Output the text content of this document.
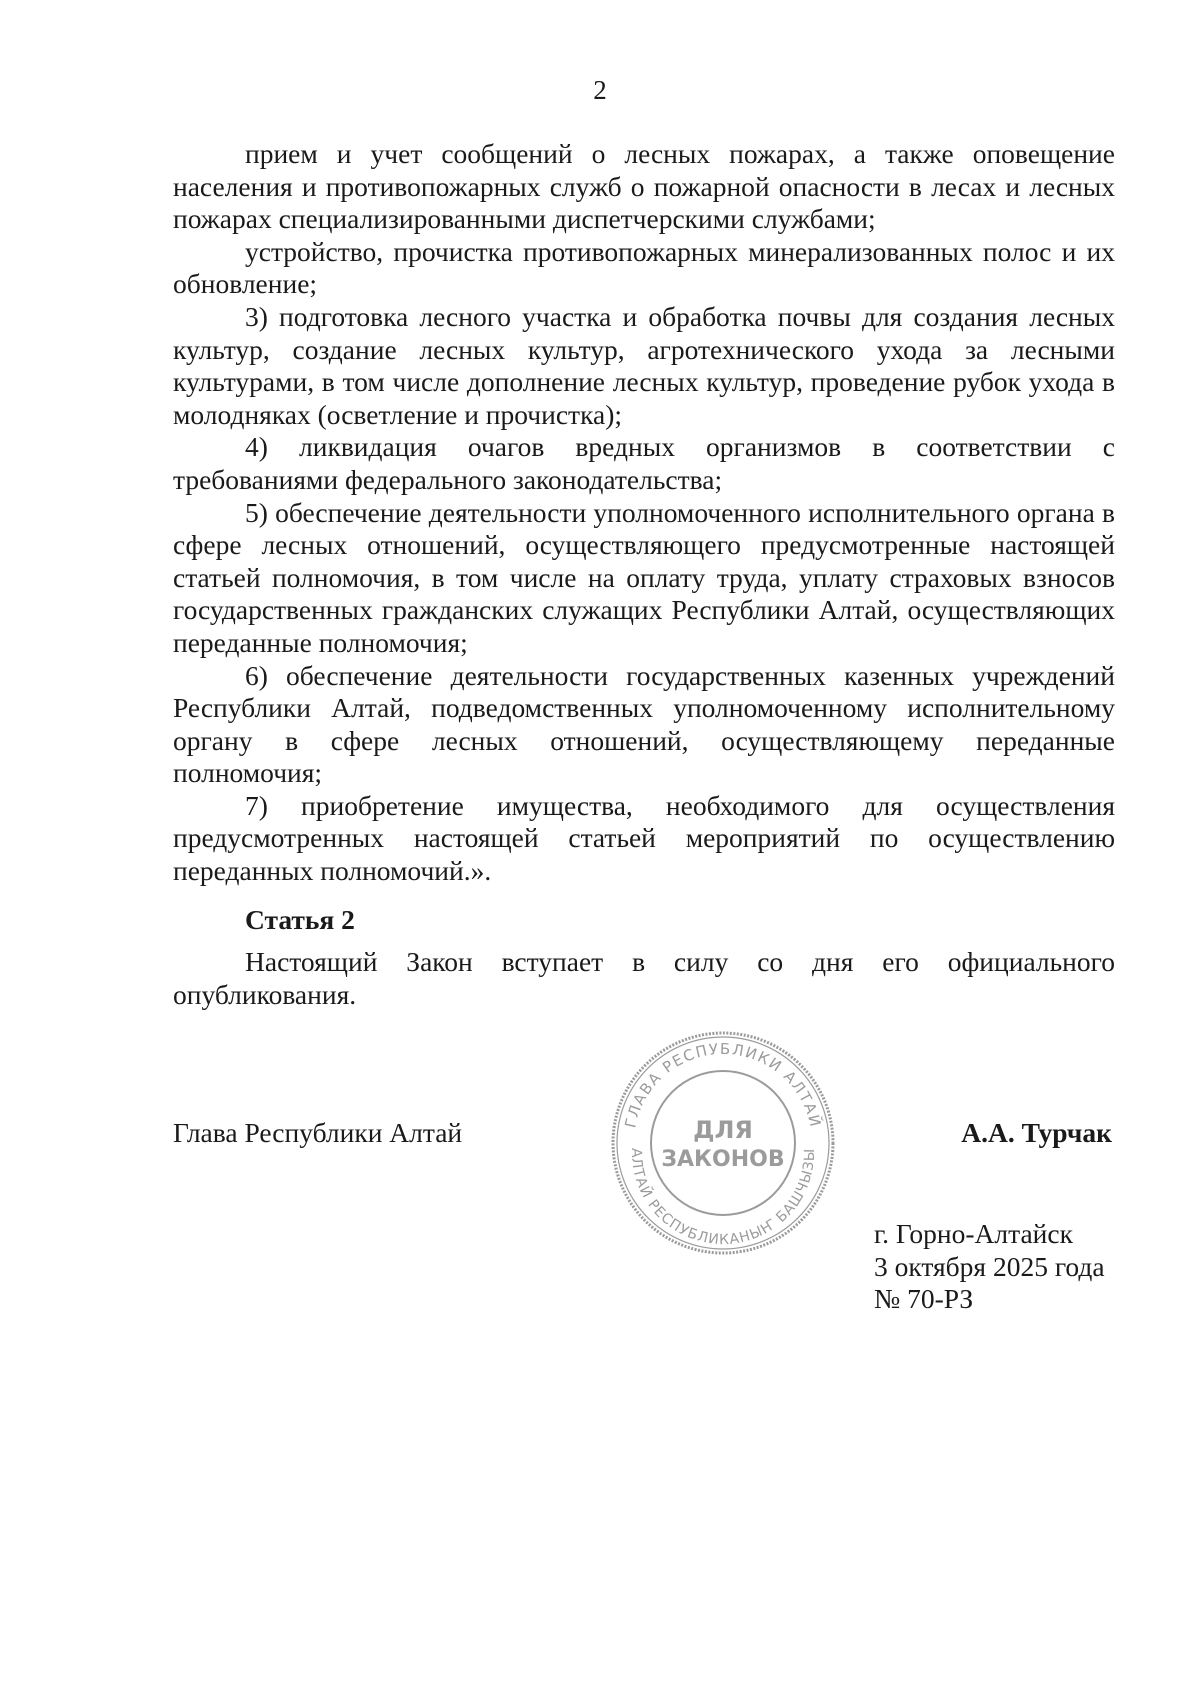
2

прием и учет сообщений о лесных пожарах, а также оповещение населения и противопожарных служб о пожарной опасности в лесах и лесных пожарах специализированными диспетчерскими службами;

устройство, прочистка противопожарных минерализованных полос и их обновление;

3) подготовка лесного участка и обработка почвы для создания лесных культур, создание лесных культур, агротехнического ухода за лесными культурами, в том числе дополнение лесных культур, проведение рубок ухода в молодняках (осветление и прочистка);

4) ликвидация очагов вредных организмов в соответствии с требованиями федерального законодательства;

5) обеспечение деятельности уполномоченного исполнительного органа в сфере лесных отношений, осуществляющего предусмотренные настоящей статьей полномочия, в том числе на оплату труда, уплату страховых взносов государственных гражданских служащих Республики Алтай, осуществляющих переданные полномочия;

6) обеспечение деятельности государственных казенных учреждений Республики Алтай, подведомственных уполномоченному исполнительному органу в сфере лесных отношений, осуществляющему переданные полномочия;

7) приобретение имущества, необходимого для осуществления предусмотренных настоящей статьей мероприятий по осуществлению переданных полномочий.».

Статья 2

Настоящий Закон вступает в силу со дня его официального опубликования.

Глава Республики Алтай	А.А. Турчак
ГЛАВА РЕСПУБЛИКИ АЛТАЙ
АЛТАЙ РЕСПУБЛИКАНЫҤ БАШЧЫЗЫ
ДЛЯ
ЗАКОНОВ
г. Горно-Алтайск
3 октября 2025 года
№ 70-РЗ
